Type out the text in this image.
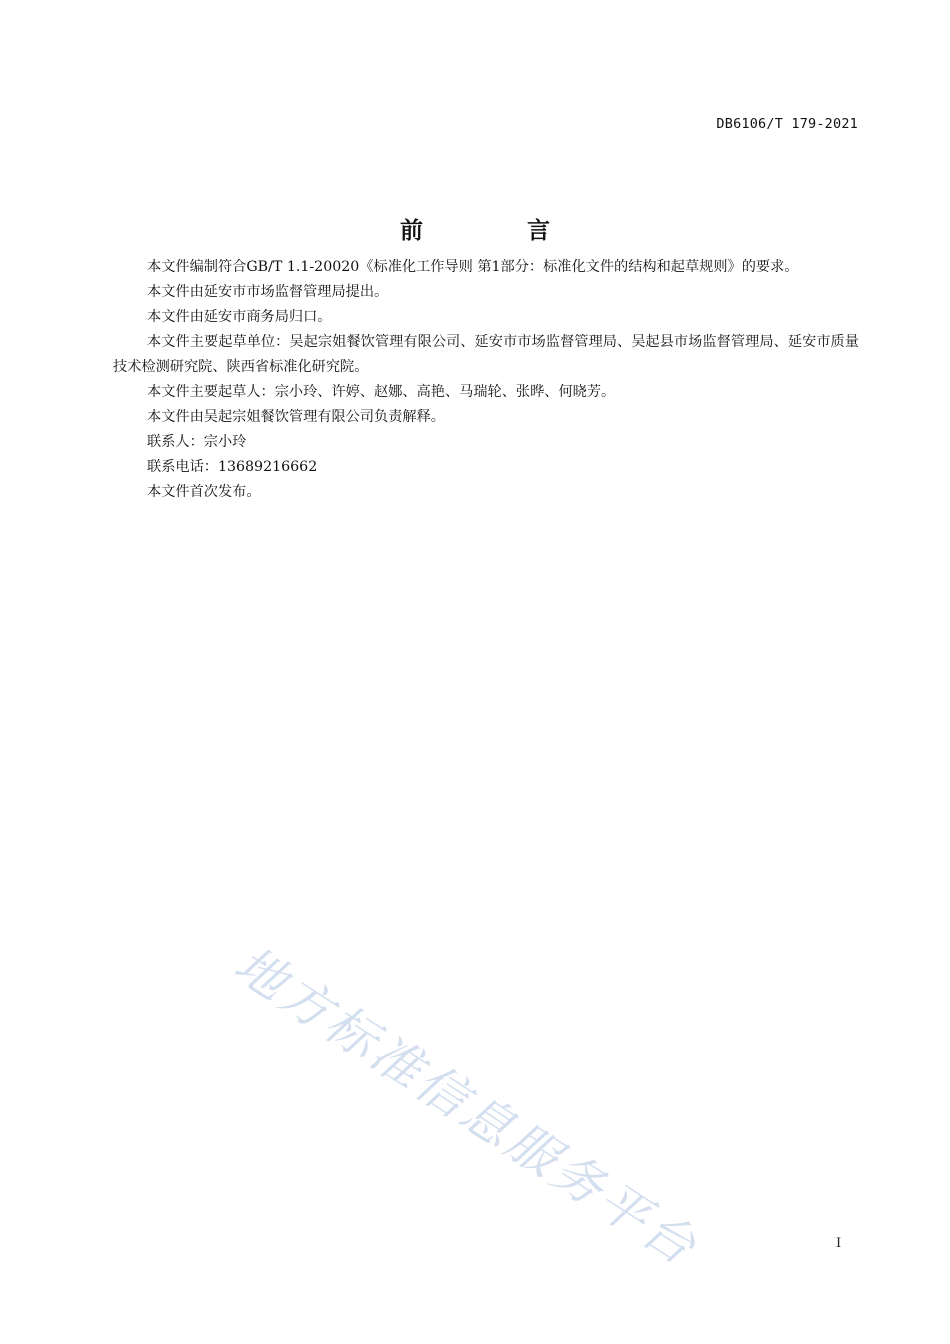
DB6106/T 179-2021
前 言

本文件编制符合GB/T 1.1-20020《标准化工作导则 第1部分：标准化文件的结构和起草规则》的要求。

本文件由延安市市场监督管理局提出。

本文件由延安市商务局归口。

本文件主要起草单位：吴起宗姐餐饮管理有限公司、延安市市场监督管理局、吴起县市场监督管理局、延安市质量技术检测研究院、陕西省标准化研究院。

本文件主要起草人：宗小玲、许婷、赵娜、高艳、马瑞轮、张晔、何晓芳。

本文件由吴起宗姐餐饮管理有限公司负责解释。

联系人：宗小玲

联系电话：13689216662

本文件首次发布。

地方标准信息服务平台	I
